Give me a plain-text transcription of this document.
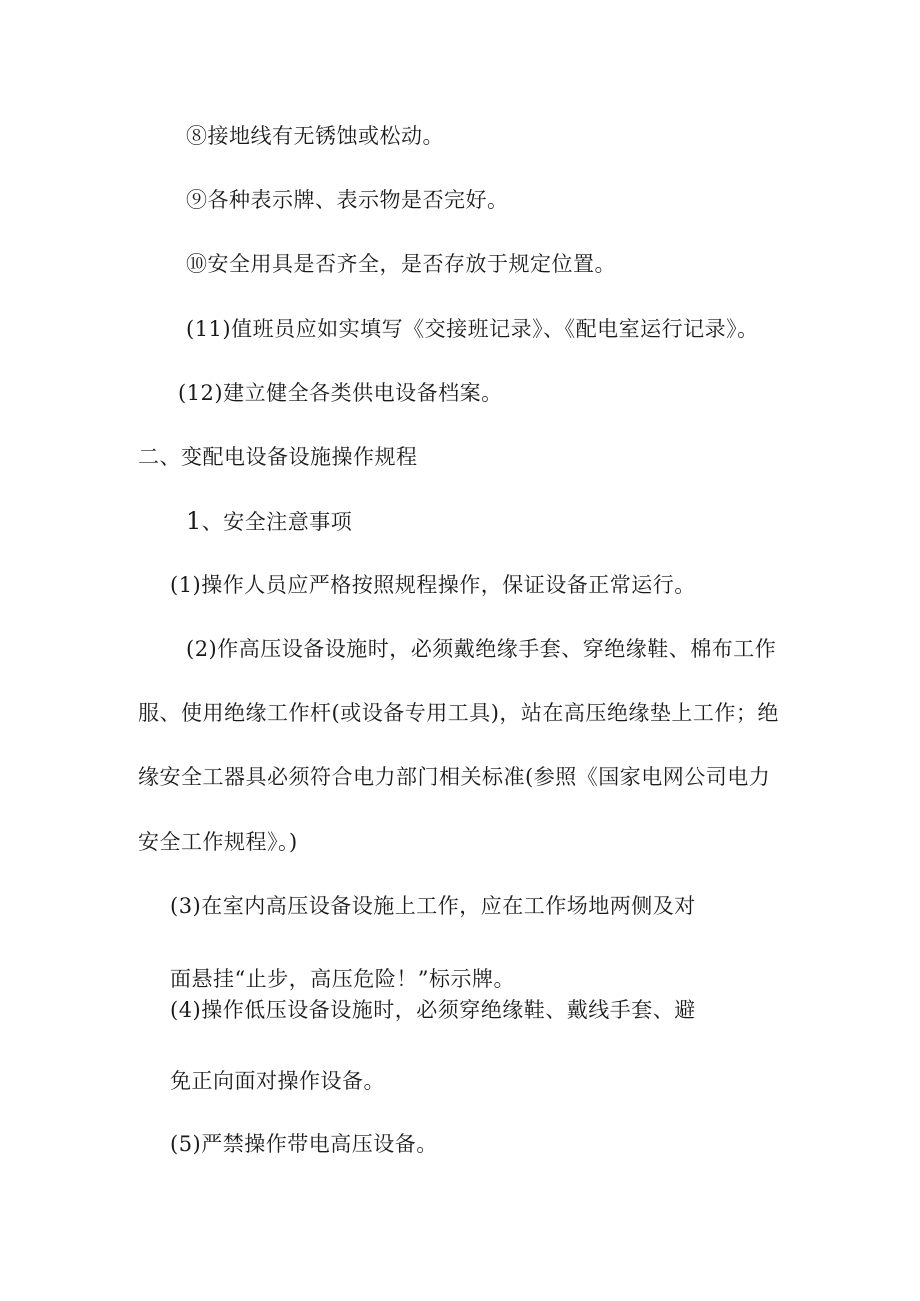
⑧接地线有无锈蚀或松动。
⑨各种表示牌、表示物是否完好。
⑩安全用具是否齐全，是否存放于规定位置。
(11)值班员应如实填写《交接班记录》、《配电室运行记录》。
(12)建立健全各类供电设备档案。
二、变配电设备设施操作规程
1、安全注意事项
(1)操作人员应严格按照规程操作，保证设备正常运行。
(2)作高压设备设施时，必须戴绝缘手套、穿绝缘鞋、棉布工作
服、使用绝缘工作杆(或设备专用工具)，站在高压绝缘垫上工作；绝
缘安全工器具必须符合电力部门相关标准(参照《国家电网公司电力
安全工作规程》。)
(3)在室内高压设备设施上工作，应在工作场地两侧及对
面悬挂“止步，高压危险！”标示牌。
(4)操作低压设备设施时，必须穿绝缘鞋、戴线手套、避
免正向面对操作设备。
(5)严禁操作带电高压设备。
